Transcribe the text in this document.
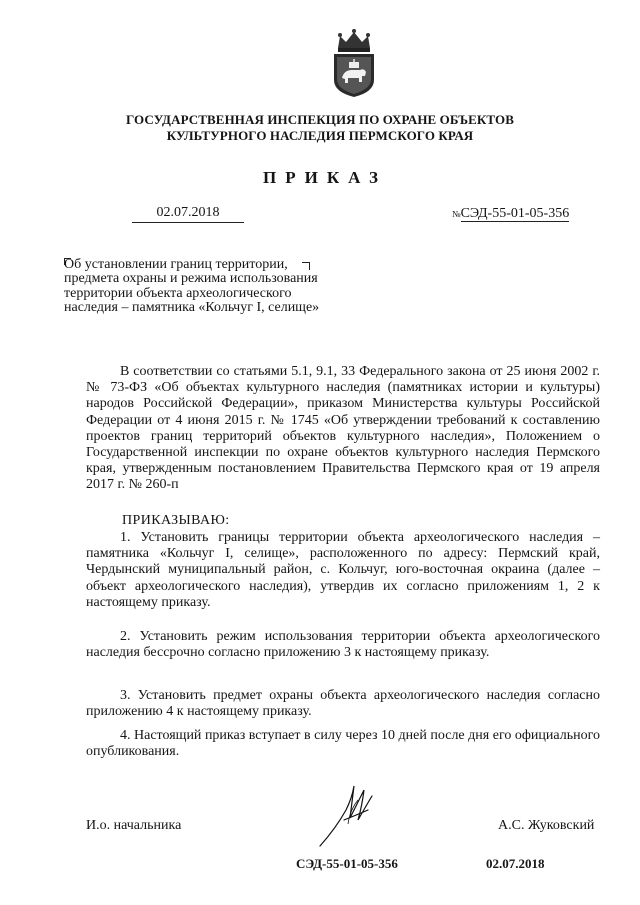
ГОСУДАРСТВЕННАЯ ИНСПЕКЦИЯ ПО ОХРАНЕ ОБЪЕКТОВ
КУЛЬТУРНОГО НАСЛЕДИЯ ПЕРМСКОГО КРАЯ
ПРИКАЗ
02.07.2018	№СЭД-55-01-05-356
Об установлении границ территории, предмета охраны и режима использования территории объекта археологического наследия – памятника «Кольчуг I, селище»
В соответствии со статьями 5.1, 9.1, 33 Федерального закона от 25 июня 2002 г. № 73-ФЗ «Об объектах культурного наследия (памятниках истории и культуры) народов Российской Федерации», приказом Министерства культуры Российской Федерации от 4 июня 2015 г. № 1745 «Об утверждении требований к составлению проектов границ территорий объектов культурного наследия», Положением о Государственной инспекции по охране объектов культурного наследия Пермского края, утвержденным постановлением Правительства Пермского края от 19 апреля 2017 г. № 260-п
ПРИКАЗЫВАЮ:
1. Установить границы территории объекта археологического наследия – памятника «Кольчуг I, селище», расположенного по адресу: Пермский край, Чердынский муниципальный район, с. Кольчуг, юго-восточная окраина (далее – объект археологического наследия), утвердив их согласно приложениям 1, 2 к настоящему приказу.
2. Установить режим использования территории объекта археологического наследия бессрочно согласно приложению 3 к настоящему приказу.
3. Установить предмет охраны объекта археологического наследия согласно приложению 4 к настоящему приказу.
4. Настоящий приказ вступает в силу через 10 дней после дня его официального опубликования.
И.о. начальника	А.С. Жуковский
СЭД-55-01-05-356	02.07.2018
